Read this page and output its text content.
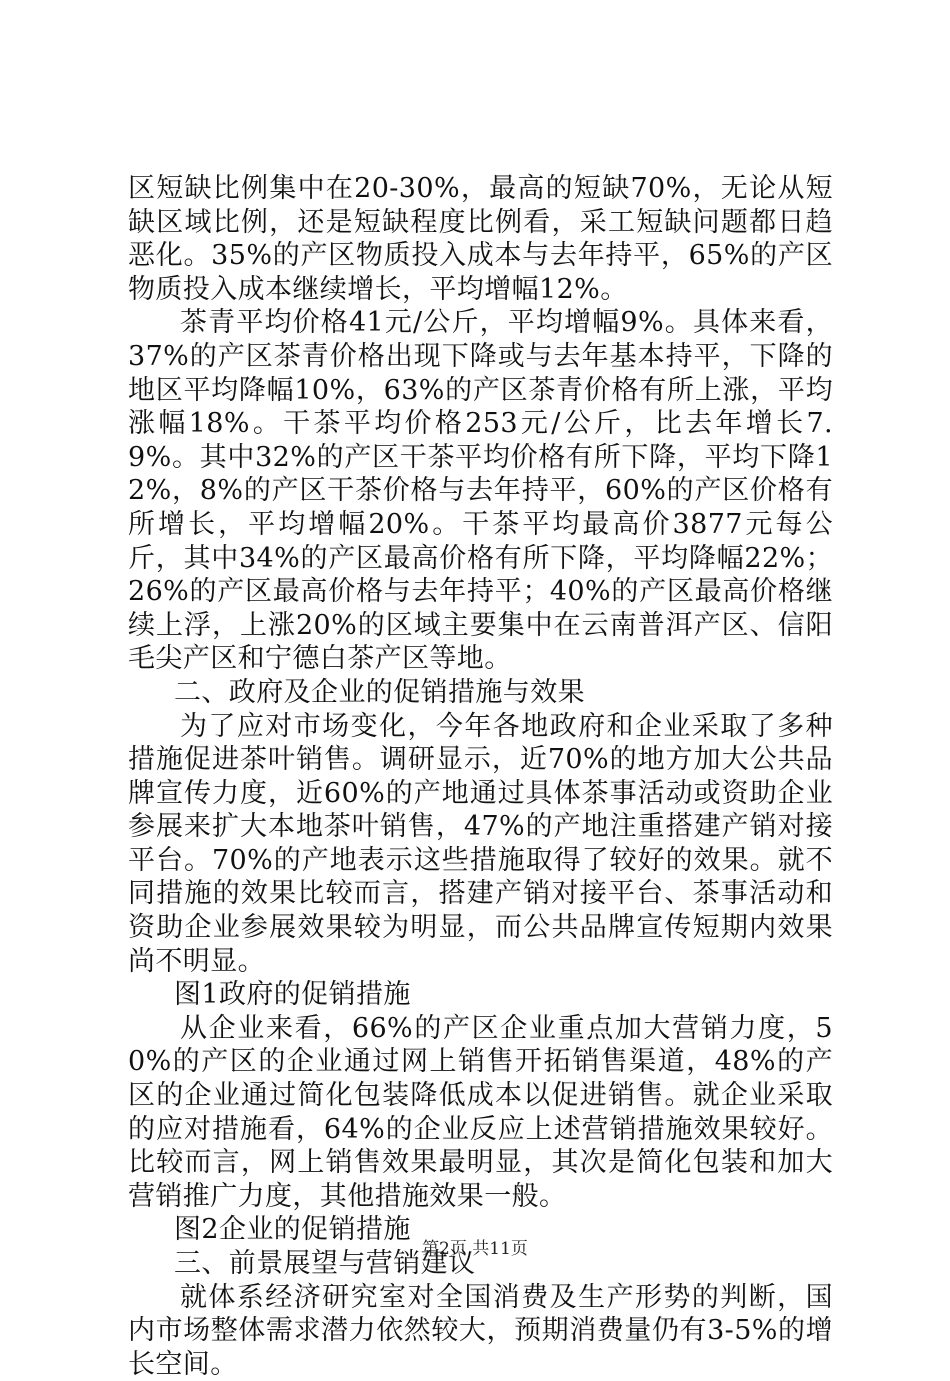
区短缺比例集中在20-30%，最高的短缺70%，无论从短缺区域比例，还是短缺程度比例看，采工短缺问题都日趋恶化。35%的产区物质投入成本与去年持平，65%的产区物质投入成本继续增长，平均增幅12%。

茶青平均价格41元/公斤，平均增幅9%。具体来看，37%的产区茶青价格出现下降或与去年基本持平，下降的地区平均降幅10%，63%的产区茶青价格有所上涨，平均涨幅18%。干茶平均价格253元/公斤，比去年增长7.9%。其中32%的产区干茶平均价格有所下降，平均下降12%，8%的产区干茶价格与去年持平，60%的产区价格有所增长，平均增幅20%。干茶平均最高价3877元每公斤，其中34%的产区最高价格有所下降，平均降幅22%；26%的产区最高价格与去年持平；40%的产区最高价格继续上浮，上涨20%的区域主要集中在云南普洱产区、信阳毛尖产区和宁德白茶产区等地。

二、政府及企业的促销措施与效果

为了应对市场变化，今年各地政府和企业采取了多种措施促进茶叶销售。调研显示，近70%的地方加大公共品牌宣传力度，近60%的产地通过具体茶事活动或资助企业参展来扩大本地茶叶销售，47%的产地注重搭建产销对接平台。70%的产地表示这些措施取得了较好的效果。就不同措施的效果比较而言，搭建产销对接平台、茶事活动和资助企业参展效果较为明显，而公共品牌宣传短期内效果尚不明显。

图1政府的促销措施

从企业来看，66%的产区企业重点加大营销力度，50%的产区的企业通过网上销售开拓销售渠道，48%的产区的企业通过简化包装降低成本以促进销售。就企业采取的应对措施看，64%的企业反应上述营销措施效果较好。比较而言，网上销售效果最明显，其次是简化包装和加大营销推广力度，其他措施效果一般。

图2企业的促销措施

三、前景展望与营销建议

就体系经济研究室对全国消费及生产形势的判断，国内市场整体需求潜力依然较大，预期消费量仍有3-5%的增长空间。

第2页 共11页
